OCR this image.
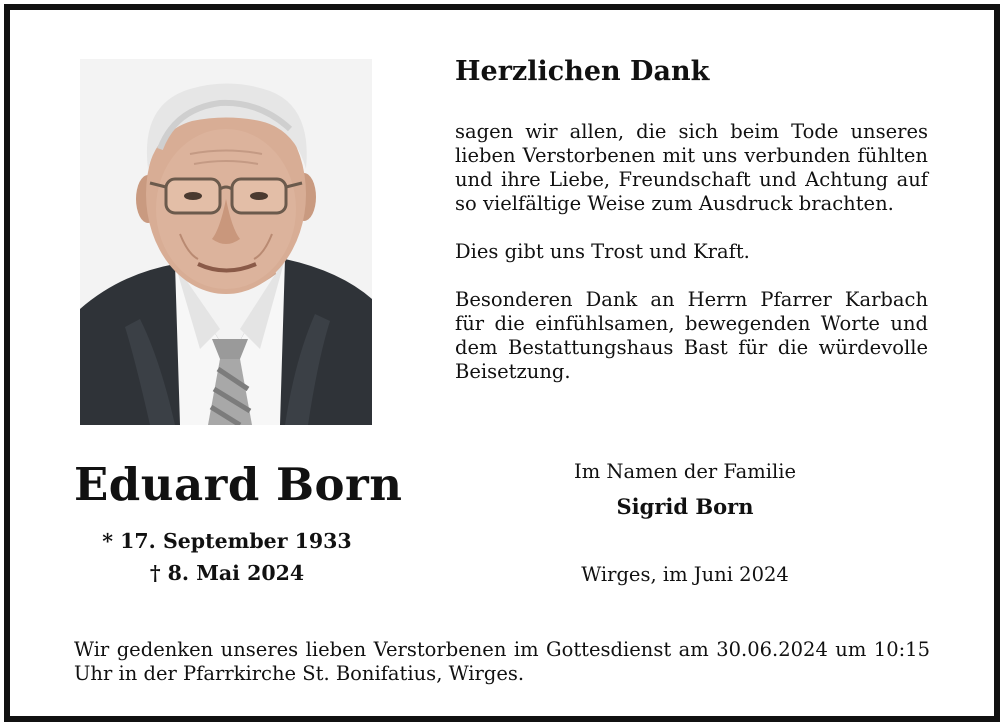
Herzlichen Dank

sagen wir allen, die sich beim Tode unseres lieben Verstorbenen mit uns verbunden fühlten und ihre Liebe, Freundschaft und Achtung auf so vielfältige Weise zum Ausdruck brachten.

Dies gibt uns Trost und Kraft.

Besonderen Dank an Herrn Pfarrer Karbach für die einfühlsamen, bewegenden Worte und dem Bestattungshaus Bast für die würdevolle Beisetzung.

Eduard Born
* 17. September 1933
† 8. Mai 2024
Im Namen der Familie
Sigrid Born
Wirges, im Juni 2024

Wir gedenken unseres lieben Verstorbenen im Gottesdienst am 30.06.2024 um 10:15 Uhr in der Pfarrkirche St. Bonifatius, Wirges.
